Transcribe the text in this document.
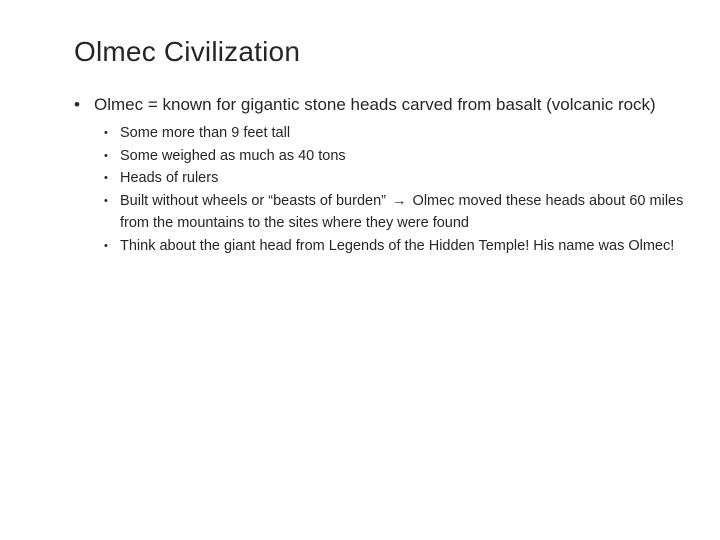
Olmec Civilization
• Olmec = known for gigantic stone heads carved from basalt (volcanic rock)
• Some more than 9 feet tall
• Some weighed as much as 40 tons
• Heads of rulers
• Built without wheels or “beasts of burden” → Olmec moved these heads about 60 miles from the mountains to the sites where they were found
• Think about the giant head from Legends of the Hidden Temple! His name was Olmec!
